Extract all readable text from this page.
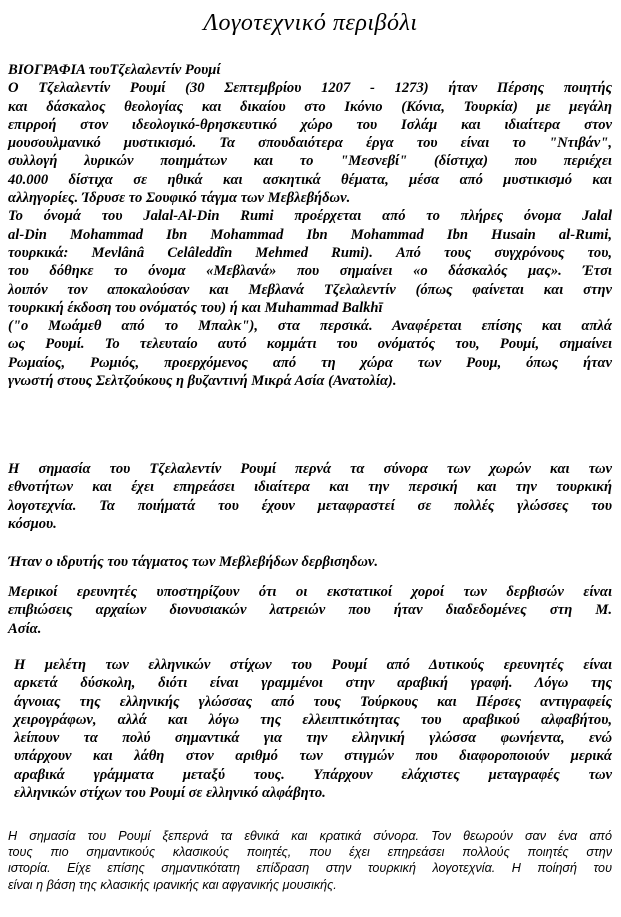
Λογοτεχνικό περιβόλι
ΒΙΟΓΡΑΦΙΑ τουΤζελαλεντίν Ρουμί
Ο Τζελαλεντίν Ρουμί (30 Σεπτεμβρίου 1207 - 1273) ήταν Πέρσης ποιητής
και δάσκαλος θεολογίας και δικαίου στο Ικόνιο (Κόνια, Τουρκία) με μεγάλη
επιρροή στον ιδεολογικό-θρησκευτικό χώρο του Ισλάμ και ιδιαίτερα στον
μουσουλμανικό μυστικισμό. Τα σπουδαιότερα έργα του είναι το "Ντιβάν",
συλλογή λυρικών ποιημάτων και το "Μεσνεβί" (δίστιχα) που περιέχει
40.000 δίστιχα σε ηθικά και ασκητικά θέματα, μέσα από μυστικισμό και
αλληγορίες. Ίδρυσε το Σουφικό τάγμα των Μεβλεβήδων.
Το όνομά του Jalal-Al-Din Rumi προέρχεται από το πλήρες όνομα Jalal
al-Din Mohammad Ibn Mohammad Ibn Mohammad Ibn Husain al-Rumi,
τουρκικά: Mevlânâ Celâleddîn Mehmed Rumi). Από τους συγχρόνους του,
του δόθηκε το όνομα «Μεβλανά» που σημαίνει «ο δάσκαλός μας». Έτσι
λοιπόν τον αποκαλούσαν και Μεβλανά Τζελαλεντίν (όπως φαίνεται και στην
τουρκική έκδοση του ονόματός του) ή και Muhammad Balkhī
("ο Μωάμεθ από το Μπαλκ"), στα περσικά. Αναφέρεται επίσης και απλά
ως Ρουμί. Το τελευταίο αυτό κομμάτι του ονόματός του, Ρουμί, σημαίνει
Ρωμαίος, Ρωμιός, προερχόμενος από τη χώρα των Ρουμ, όπως ήταν
γνωστή στους Σελτζούκους η βυζαντινή Μικρά Ασία (Ανατολία).
Η σημασία του Τζελαλεντίν Ρουμί περνά τα σύνορα των χωρών και των
εθνοτήτων και έχει επηρεάσει ιδιαίτερα και την περσική και την τουρκική
λογοτεχνία. Τα ποιήματά του έχουν μεταφραστεί σε πολλές γλώσσες του
κόσμου.
Ήταν ο ιδρυτής του τάγματος των Μεβλεβήδων δερβισηδων.
Μερικοί ερευνητές υποστηρίζουν ότι οι εκστατικοί χοροί των δερβισών είναι
επιβιώσεις αρχαίων διονυσιακών λατρειών που ήταν διαδεδομένες στη Μ.
Ασία.
Η μελέτη των ελληνικών στίχων του Ρουμί από Δυτικούς ερευνητές είναι
αρκετά δύσκολη, διότι είναι γραμμένοι στην αραβική γραφή. Λόγω της
άγνοιας της ελληνικής γλώσσας από τους Τούρκους και Πέρσες αντιγραφείς
χειρογράφων, αλλά και λόγω της ελλειπτικότητας του αραβικού αλφαβήτου,
λείπουν τα πολύ σημαντικά για την ελληνική γλώσσα φωνήεντα, ενώ
υπάρχουν και λάθη στον αριθμό των στιγμών που διαφοροποιούν μερικά
αραβικά γράμματα μεταξύ τους. Υπάρχουν ελάχιστες μεταγραφές των
ελληνικών στίχων του Ρουμί σε ελληνικό αλφάβητο.
Η σημασία του Ρουμί ξεπερνά τα εθνικά και κρατικά σύνορα. Τον θεωρούν σαν ένα από
τους πιο σημαντικούς κλασικούς ποιητές, που έχει επηρεάσει πολλούς ποιητές στην
ιστορία. Είχε επίσης σημαντικότατη επίδραση στην τουρκική λογοτεχνία. Η ποίησή του
είναι η βάση της κλασικής ιρανικής και αφγανικής μουσικής.
